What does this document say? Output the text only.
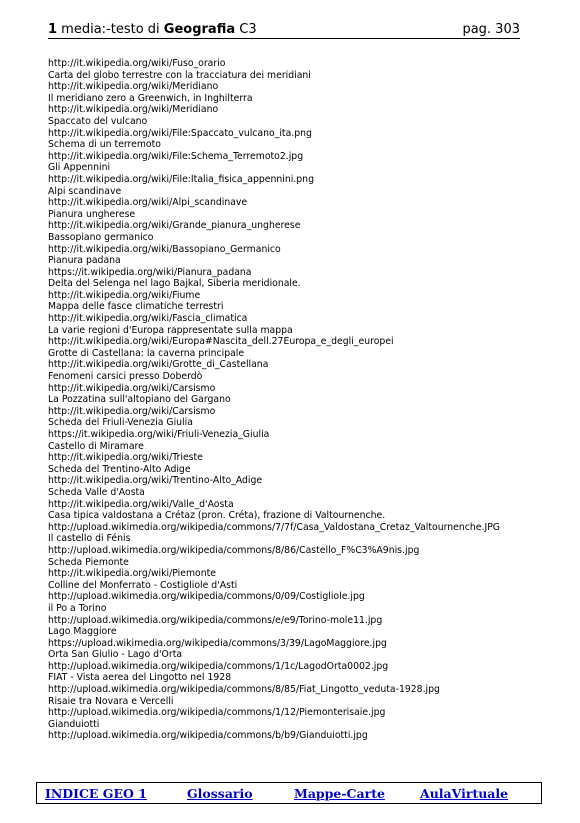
1 media:-testo di Geografia C3	pag. 303
http://it.wikipedia.org/wiki/Fuso_orario
Carta del globo terrestre con la tracciatura dei meridiani
http://it.wikipedia.org/wiki/Meridiano
Il meridiano zero a Greenwich, in Inghilterra
http://it.wikipedia.org/wiki/Meridiano
Spaccato del vulcano
http://it.wikipedia.org/wiki/File:Spaccato_vulcano_ita.png
Schema di un terremoto
http://it.wikipedia.org/wiki/File:Schema_Terremoto2.jpg
Gli Appennini
http://it.wikipedia.org/wiki/File:Italia_fisica_appennini.png
Alpi scandinave
http://it.wikipedia.org/wiki/Alpi_scandinave
Pianura ungherese
http://it.wikipedia.org/wiki/Grande_pianura_ungherese
Bassopiano germanico
http://it.wikipedia.org/wiki/Bassopiano_Germanico
Pianura padana
https://it.wikipedia.org/wiki/Pianura_padana
Delta del Selenga nel lago Bajkal, Siberia meridionale.
http://it.wikipedia.org/wiki/Fiume
Mappa delle fasce climatiche terrestri
http://it.wikipedia.org/wiki/Fascia_climatica
La varie regioni d'Europa rappresentate sulla mappa
http://it.wikipedia.org/wiki/Europa#Nascita_dell.27Europa_e_degli_europei
Grotte di Castellana: la caverna principale
http://it.wikipedia.org/wiki/Grotte_di_Castellana
Fenomeni carsici presso Doberdò
http://it.wikipedia.org/wiki/Carsismo
La Pozzatina sull'altopiano del Gargano
http://it.wikipedia.org/wiki/Carsismo
Scheda del Friuli-Venezia Giulia
https://it.wikipedia.org/wiki/Friuli-Venezia_Giulia
Castello di Miramare
http://it.wikipedia.org/wiki/Trieste
Scheda del Trentino-Alto Adige
http://it.wikipedia.org/wiki/Trentino-Alto_Adige
Scheda Valle d'Aosta
http://it.wikipedia.org/wiki/Valle_d'Aosta
Casa tipica valdostana a Crétaz (pron. Créta), frazione di Valtournenche.
http://upload.wikimedia.org/wikipedia/commons/7/7f/Casa_Valdostana_Cretaz_Valtournenche.JPG
Il castello di Fénis
http://upload.wikimedia.org/wikipedia/commons/8/86/Castello_F%C3%A9nis.jpg
Scheda Piemonte
http://it.wikipedia.org/wiki/Piemonte
Colline del Monferrato - Costigliole d'Asti
http://upload.wikimedia.org/wikipedia/commons/0/09/Costigliole.jpg
il Po a Torino
http://upload.wikimedia.org/wikipedia/commons/e/e9/Torino-mole11.jpg
Lago Maggiore
https://upload.wikimedia.org/wikipedia/commons/3/39/LagoMaggiore.jpg
Orta San Giulio - Lago d'Orta
http://upload.wikimedia.org/wikipedia/commons/1/1c/LagodOrta0002.jpg
FIAT - Vista aerea del Lingotto nel 1928
http://upload.wikimedia.org/wikipedia/commons/8/85/Fiat_Lingotto_veduta-1928.jpg
Risaie tra Novara e Vercelli
http://upload.wikimedia.org/wikipedia/commons/1/12/Piemonterisaie.jpg
Gianduiotti
http://upload.wikimedia.org/wikipedia/commons/b/b9/Gianduiotti.jpg
INDICE GEO 1	Glossario	Mappe-Carte	AulaVirtuale
